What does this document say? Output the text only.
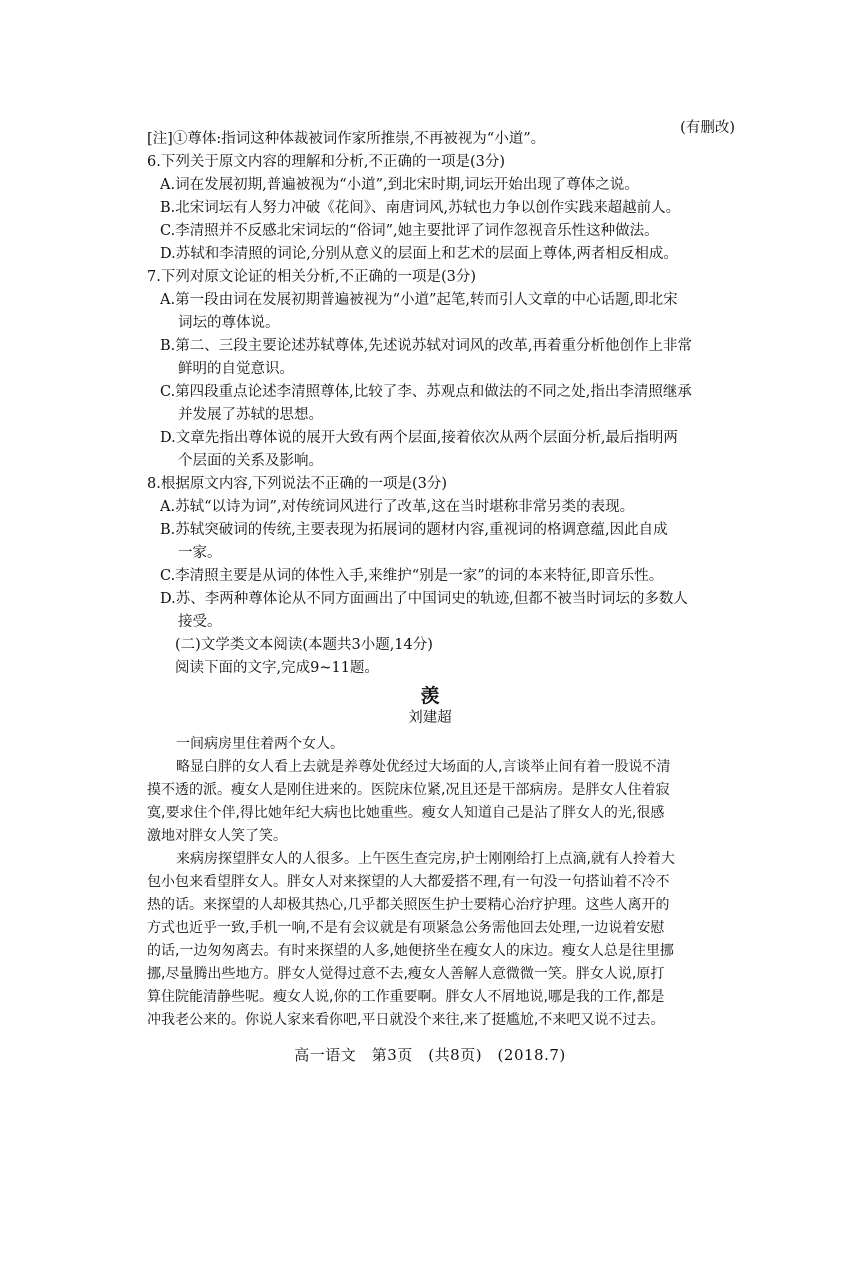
(有删改)
[注]①尊体:指词这种体裁被词作家所推崇,不再被视为“小道”。
6.下列关于原文内容的理解和分析,不正确的一项是(3分)
A.词在发展初期,普遍被视为“小道”,到北宋时期,词坛开始出现了尊体之说。
B.北宋词坛有人努力冲破《花间》、南唐词风,苏轼也力争以创作实践来超越前人。
C.李清照并不反感北宋词坛的“俗词”,她主要批评了词作忽视音乐性这种做法。
D.苏轼和李清照的词论,分别从意义的层面上和艺术的层面上尊体,两者相反相成。
7.下列对原文论证的相关分析,不正确的一项是(3分)
A.第一段由词在发展初期普遍被视为“小道”起笔,转而引人文章的中心话题,即北宋
词坛的尊体说。
B.第二、三段主要论述苏轼尊体,先述说苏轼对词风的改革,再着重分析他创作上非常
鲜明的自觉意识。
C.第四段重点论述李清照尊体,比较了李、苏观点和做法的不同之处,指出李清照继承
并发展了苏轼的思想。
D.文章先指出尊体说的展开大致有两个层面,接着依次从两个层面分析,最后指明两
个层面的关系及影响。
8.根据原文内容,下列说法不正确的一项是(3分)
A.苏轼“以诗为词”,对传统词风进行了改革,这在当时堪称非常另类的表现。
B.苏轼突破词的传统,主要表现为拓展词的题材内容,重视词的格调意蕴,因此自成
一家。
C.李清照主要是从词的体性入手,来维护“别是一家”的词的本来特征,即音乐性。
D.苏、李两种尊体论从不同方面画出了中国词史的轨迹,但都不被当时词坛的多数人
接受。
(二)文学类文本阅读(本题共3小题,14分)
阅读下面的文字,完成9~11题。
羡
刘建超
一间病房里住着两个女人。
略显白胖的女人看上去就是养尊处优经过大场面的人,言谈举止间有着一股说不清
摸不透的派。瘦女人是刚住进来的。医院床位紧,况且还是干部病房。是胖女人住着寂
寞,要求住个伴,得比她年纪大病也比她重些。瘦女人知道自己是沾了胖女人的光,很感
激地对胖女人笑了笑。
来病房探望胖女人的人很多。上午医生查完房,护士刚刚给打上点滴,就有人拎着大
包小包来看望胖女人。胖女人对来探望的人大都爱搭不理,有一句没一句搭讪着不冷不
热的话。来探望的人却极其热心,几乎都关照医生护士要精心治疗护理。这些人离开的
方式也近乎一致,手机一响,不是有会议就是有项紧急公务需他回去处理,一边说着安慰
的话,一边匆匆离去。有时来探望的人多,她便挤坐在瘦女人的床边。瘦女人总是往里挪
挪,尽量腾出些地方。胖女人觉得过意不去,瘦女人善解人意微微一笑。胖女人说,原打
算住院能清静些呢。瘦女人说,你的工作重要啊。胖女人不屑地说,哪是我的工作,都是
冲我老公来的。你说人家来看你吧,平日就没个来往,来了挺尴尬,不来吧又说不过去。
高一语文　第3页　(共8页)　(2018.7)
